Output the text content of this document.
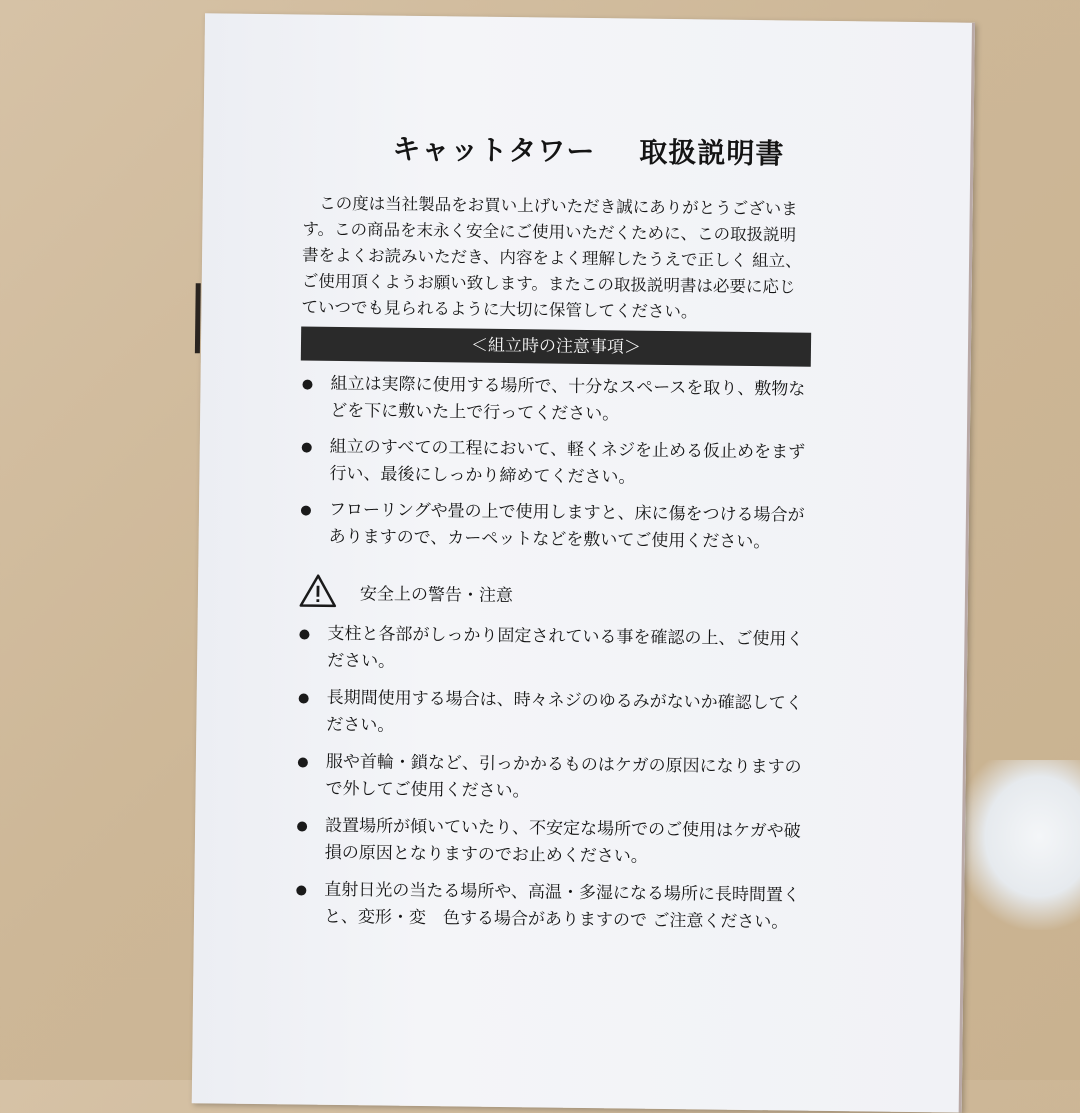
キャットタワー 取扱説明書
　この度は当社製品をお買い上げいただき誠にありがとうございま
す。この商品を末永く安全にご使用いただくために、この取扱説明
書をよくお読みいただき、内容をよく理解したうえで正しく 組立、
ご使用頂くようお願い致します。またこの取扱説明書は必要に応じ
ていつでも見られるように大切に保管してください。
＜組立時の注意事項＞
組立は実際に使用する場所で、十分なスペースを取り、敷物な
どを下に敷いた上で行ってください。
組立のすべての工程において、軽くネジを止める仮止めをまず
行い、最後にしっかり締めてください。
フローリングや畳の上で使用しますと、床に傷をつける場合が
ありますので、カーペットなどを敷いてご使用ください。
安全上の警告・注意
支柱と各部がしっかり固定されている事を確認の上、ご使用く
ださい。
長期間使用する場合は、時々ネジのゆるみがないか確認してく
ださい。
服や首輪・鎖など、引っかかるものはケガの原因になりますの
で外してご使用ください。
設置場所が傾いていたり、不安定な場所でのご使用はケガや破
損の原因となりますのでお止めください。
直射日光の当たる場所や、高温・多湿になる場所に長時間置く
と、変形・変　色する場合がありますので ご注意ください。
